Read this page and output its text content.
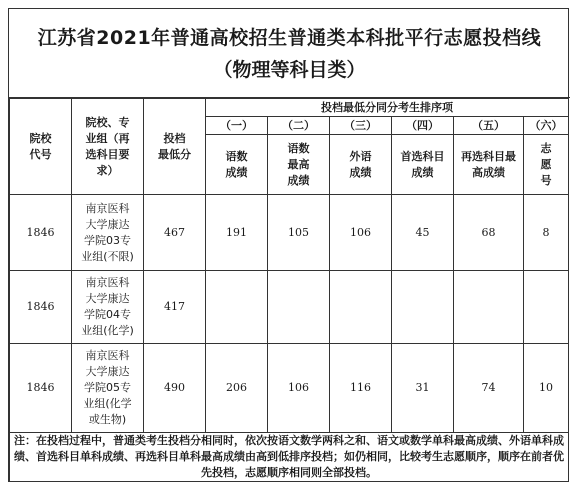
江苏省2021年普通高校招生普通类本科批平行志愿投档线
（物理等科目类）
院校
代号	院校、专
业组（再
选科目要
求）	投档
最低分	投档最低分同分考生排序项					
			（一）	（二）	（三）	（四）	（五）	（六）

			语数
成绩	语数
最高
成绩	外语
成绩	首选科目
成绩	再选科目最
高成绩	志
愿
号

1846	南京医科
大学康达
学院03专
业组(不限)	467	191	105	106	45	68	8
1846	南京医科
大学康达
学院04专
业组(化学)	417						
1846	南京医科
大学康达
学院05专
业组(化学
或生物)	490	206	106	116	31	74	10
注：在投档过程中，普通类考生投档分相同时，依次按语文数学两科之和、语文或数学单科最高成绩、外语单科成绩、首选科目单科成绩、再选科目单科最高成绩由高到低排序投档；如仍相同，比较考生志愿顺序，顺序在前者优先投档，志愿顺序相同则全部投档。								
